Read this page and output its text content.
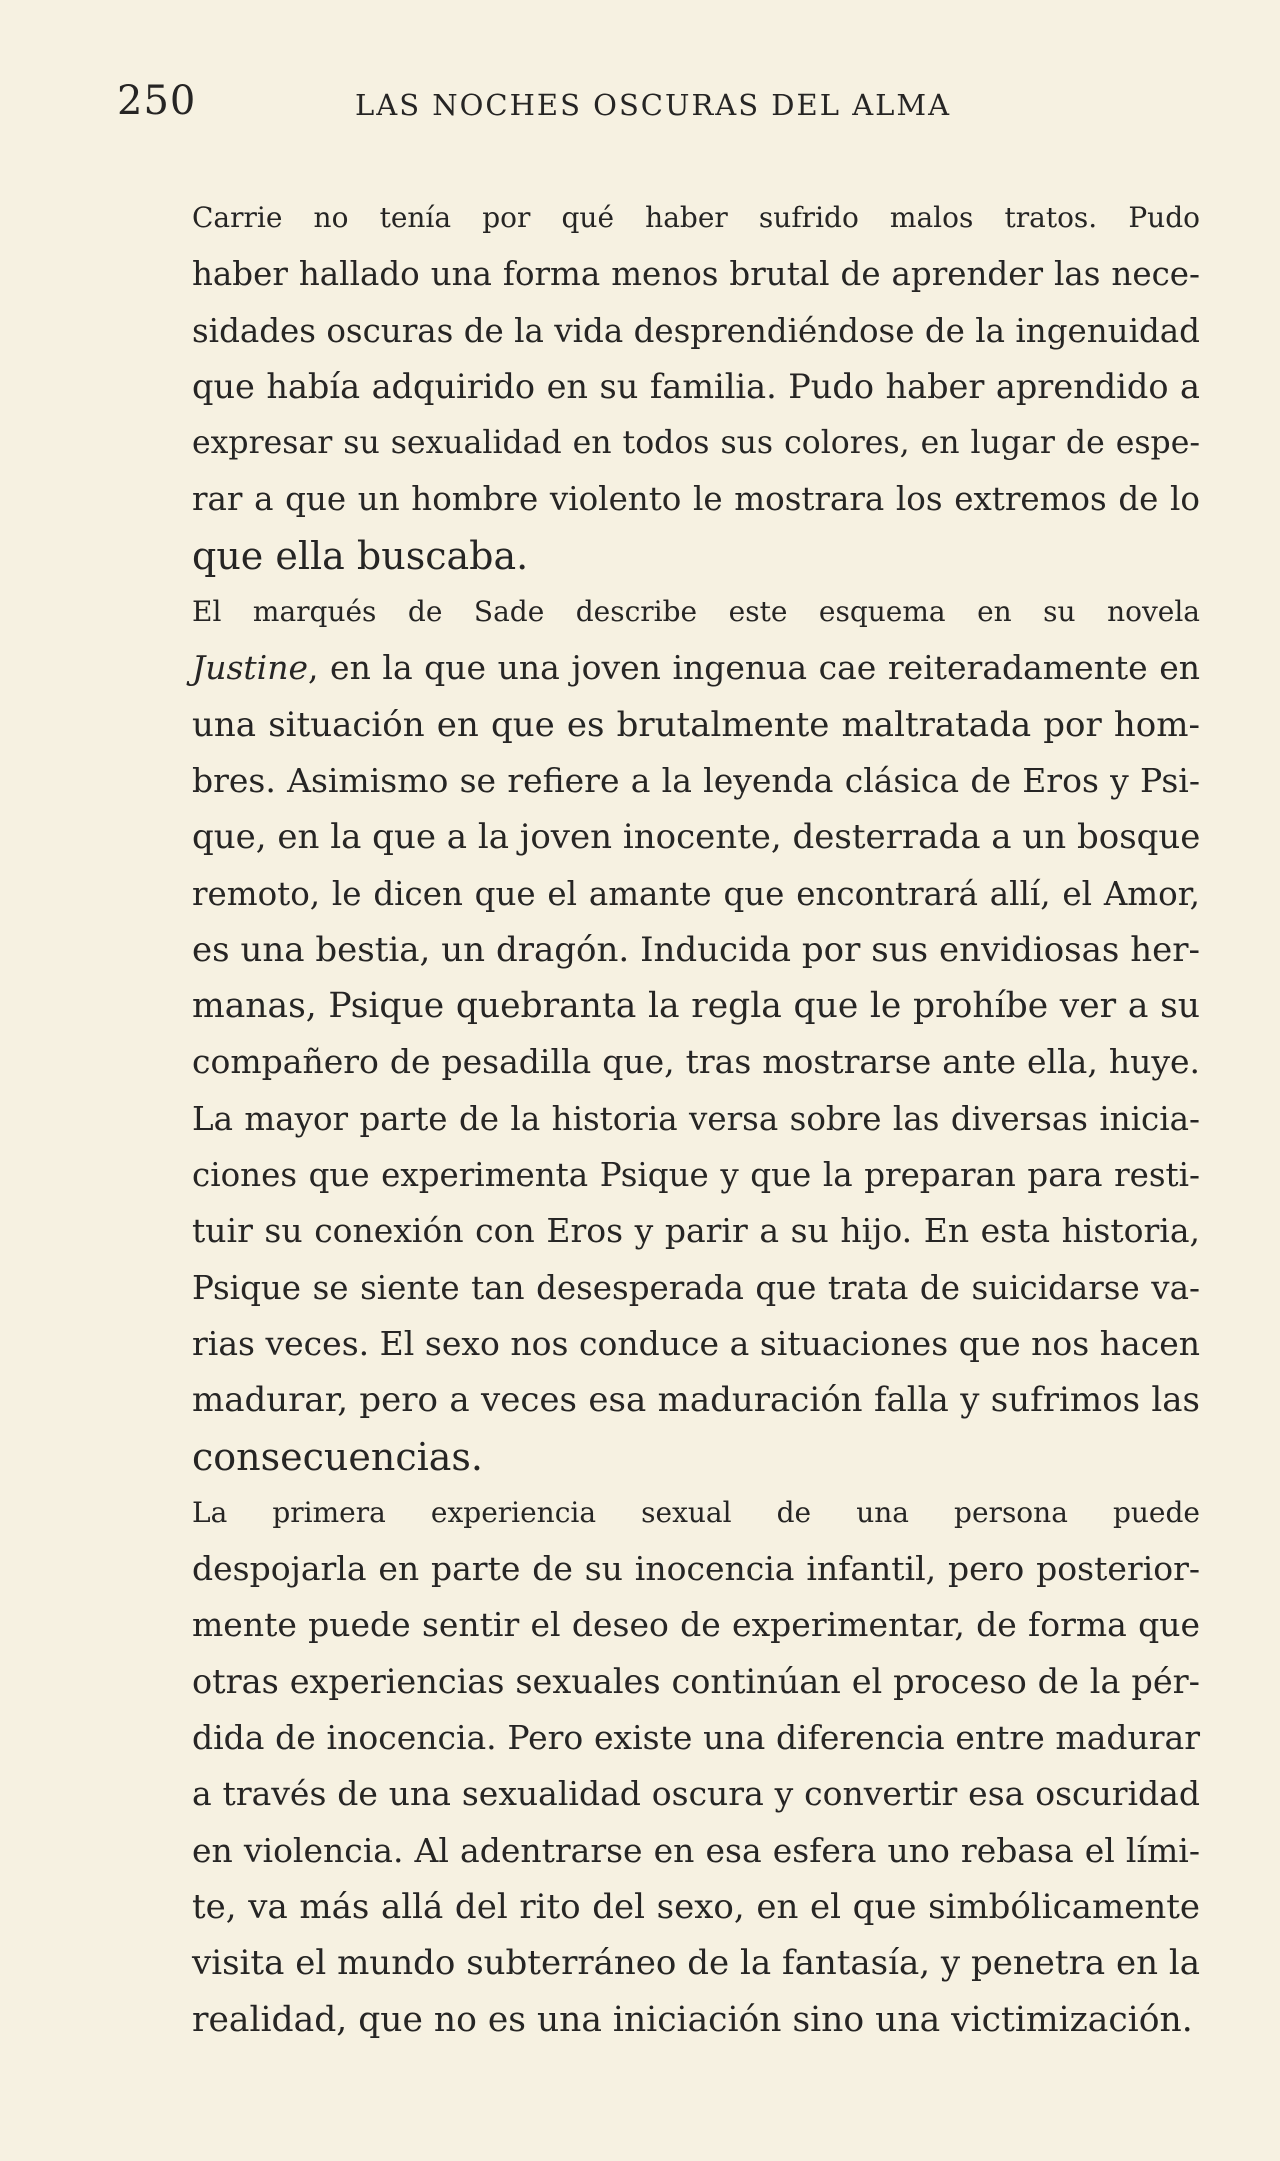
250	LAS NOCHES OSCURAS DEL ALMA

Carrie no tenía por qué haber sufrido malos tratos. Pudo
haber hallado una forma menos brutal de aprender las nece-
sidades oscuras de la vida desprendiéndose de la ingenuidad
que había adquirido en su familia. Pudo haber aprendido a
expresar su sexualidad en todos sus colores, en lugar de espe-
rar a que un hombre violento le mostrara los extremos de lo
que ella buscaba.

El marqués de Sade describe este esquema en su novela
Justine, en la que una joven ingenua cae reiteradamente en
una situación en que es brutalmente maltratada por hom-
bres. Asimismo se refiere a la leyenda clásica de Eros y Psi-
que, en la que a la joven inocente, desterrada a un bosque
remoto, le dicen que el amante que encontrará allí, el Amor,
es una bestia, un dragón. Inducida por sus envidiosas her-
manas, Psique quebranta la regla que le prohíbe ver a su
compañero de pesadilla que, tras mostrarse ante ella, huye.
La mayor parte de la historia versa sobre las diversas inicia-
ciones que experimenta Psique y que la preparan para resti-
tuir su conexión con Eros y parir a su hijo. En esta historia,
Psique se siente tan desesperada que trata de suicidarse va-
rias veces. El sexo nos conduce a situaciones que nos hacen
madurar, pero a veces esa maduración falla y sufrimos las
consecuencias.

La primera experiencia sexual de una persona puede
despojarla en parte de su inocencia infantil, pero posterior-
mente puede sentir el deseo de experimentar, de forma que
otras experiencias sexuales continúan el proceso de la pér-
dida de inocencia. Pero existe una diferencia entre madurar
a través de una sexualidad oscura y convertir esa oscuridad
en violencia. Al adentrarse en esa esfera uno rebasa el lími-
te, va más allá del rito del sexo, en el que simbólicamente
visita el mundo subterráneo de la fantasía, y penetra en la
realidad, que no es una iniciación sino una victimización.
